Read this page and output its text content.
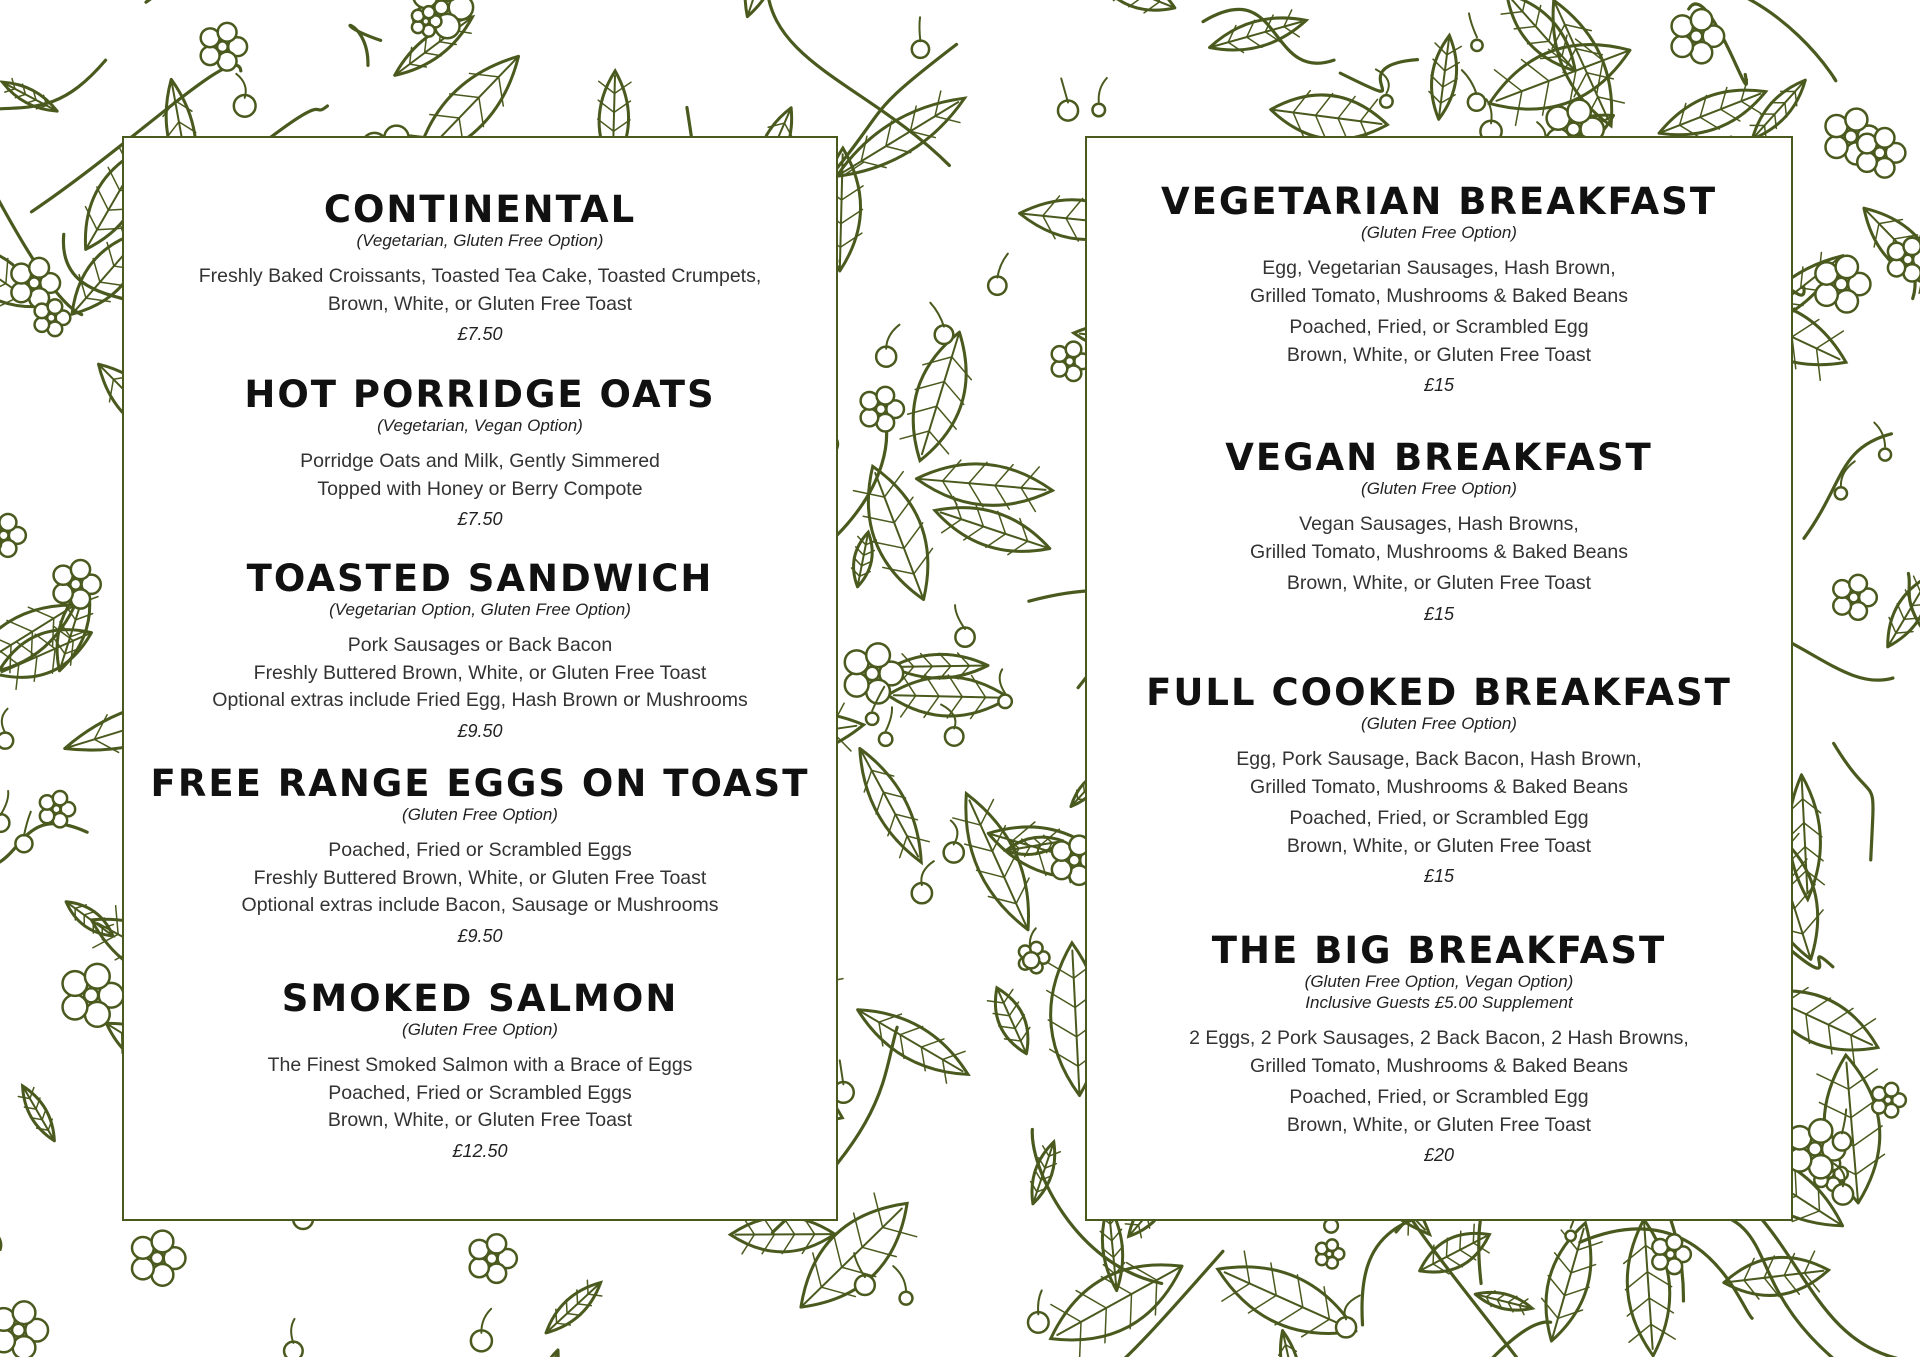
CONTINENTAL
(Vegetarian, Gluten Free Option)
Freshly Baked Croissants, Toasted Tea Cake, Toasted Crumpets,
Brown, White, or Gluten Free Toast
£7.50
HOT PORRIDGE OATS
(Vegetarian, Vegan Option)
Porridge Oats and Milk, Gently Simmered
Topped with Honey or Berry Compote
£7.50
TOASTED SANDWICH
(Vegetarian Option, Gluten Free Option)
Pork Sausages or Back Bacon
Freshly Buttered Brown, White, or Gluten Free Toast
Optional extras include Fried Egg, Hash Brown or Mushrooms
£9.50
FREE RANGE EGGS ON TOAST
(Gluten Free Option)
Poached, Fried or Scrambled Eggs
Freshly Buttered Brown, White, or Gluten Free Toast
Optional extras include Bacon, Sausage or Mushrooms
£9.50
SMOKED SALMON
(Gluten Free Option)
The Finest Smoked Salmon with a Brace of Eggs
Poached, Fried or Scrambled Eggs
Brown, White, or Gluten Free Toast
£12.50
VEGETARIAN BREAKFAST
(Gluten Free Option)
Egg, Vegetarian Sausages, Hash Brown,
Grilled Tomato, Mushrooms & Baked Beans
Poached, Fried, or Scrambled Egg
Brown, White, or Gluten Free Toast
£15
VEGAN BREAKFAST
(Gluten Free Option)
Vegan Sausages, Hash Browns,
Grilled Tomato, Mushrooms & Baked Beans
Brown, White, or Gluten Free Toast
£15
FULL COOKED BREAKFAST
(Gluten Free Option)
Egg, Pork Sausage, Back Bacon, Hash Brown,
Grilled Tomato, Mushrooms & Baked Beans
Poached, Fried, or Scrambled Egg
Brown, White, or Gluten Free Toast
£15
THE BIG BREAKFAST
(Gluten Free Option, Vegan Option)
Inclusive Guests £5.00 Supplement
2 Eggs, 2 Pork Sausages, 2 Back Bacon, 2 Hash Browns,
Grilled Tomato, Mushrooms & Baked Beans
Poached, Fried, or Scrambled Egg
Brown, White, or Gluten Free Toast
£20
